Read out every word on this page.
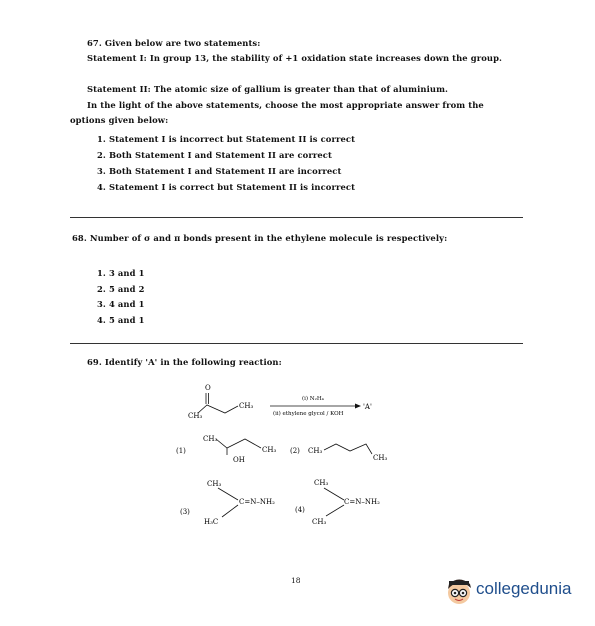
67. Given below are two statements:
Statement I: In group 13, the stability of +1 oxidation state increases down the group.
Statement II: The atomic size of gallium is greater than that of aluminium.
In the light of the above statements, choose the most appropriate answer from the
options given below:
1. Statement I is incorrect but Statement II is correct
2. Both Statement I and Statement II are correct
3. Both Statement I and Statement II are incorrect
4. Statement I is correct but Statement II is incorrect
68. Number of σ and π bonds present in the ethylene molecule is respectively:
1. 3 and 1
2. 5 and 2
3. 4 and 1
4. 5 and 1
69. Identify 'A' in the following reaction:
O
CH₃
CH₃
(i) N₂H₄
(ii) ethylene glycol / KOH
'A'
(1)
CH₃
OH
CH₃ (2) CH₃
CH₃
(3)
CH₃
H₃C
C=N–NH₂
(4)
CH₃
CH₃
C=N–NH₂
18	collegedunia
